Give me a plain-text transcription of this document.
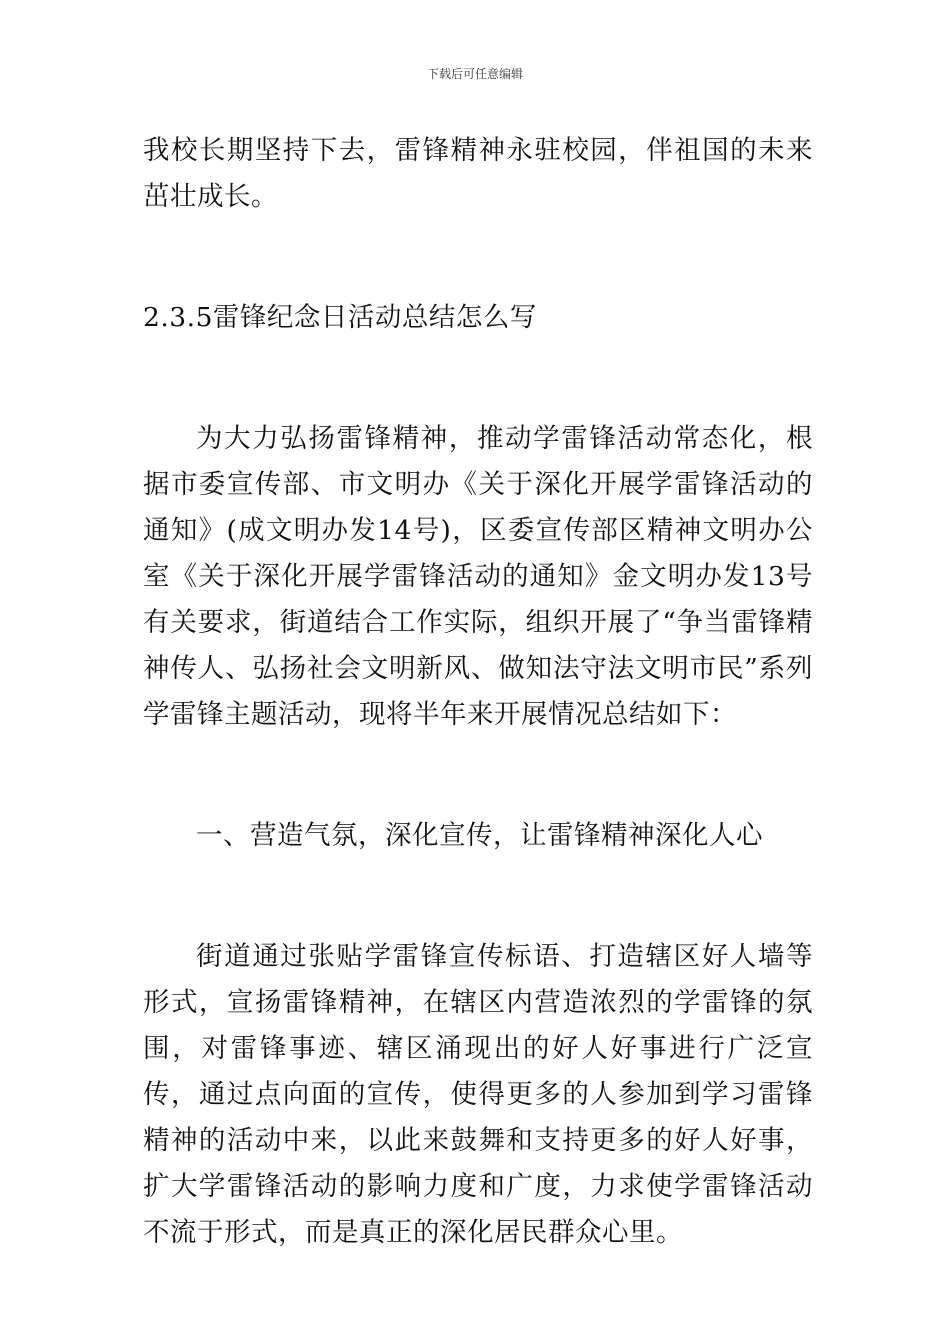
下载后可任意编辑

我校长期坚持下去，雷锋精神永驻校园，伴祖国的未来茁壮成长。

2.3.5雷锋纪念日活动总结怎么写

为大力弘扬雷锋精神，推动学雷锋活动常态化，根据市委宣传部、市文明办《关于深化开展学雷锋活动的通知》(成文明办发14号)，区委宣传部区精神文明办公室《关于深化开展学雷锋活动的通知》金文明办发13号有关要求，街道结合工作实际，组织开展了“争当雷锋精神传人、弘扬社会文明新风、做知法守法文明市民”系列学雷锋主题活动，现将半年来开展情况总结如下：

一、营造气氛，深化宣传，让雷锋精神深化人心

街道通过张贴学雷锋宣传标语、打造辖区好人墙等形式，宣扬雷锋精神，在辖区内营造浓烈的学雷锋的氛围，对雷锋事迹、辖区涌现出的好人好事进行广泛宣传，通过点向面的宣传，使得更多的人参加到学习雷锋精神的活动中来，以此来鼓舞和支持更多的好人好事，扩大学雷锋活动的影响力度和广度，力求使学雷锋活动不流于形式，而是真正的深化居民群众心里。
